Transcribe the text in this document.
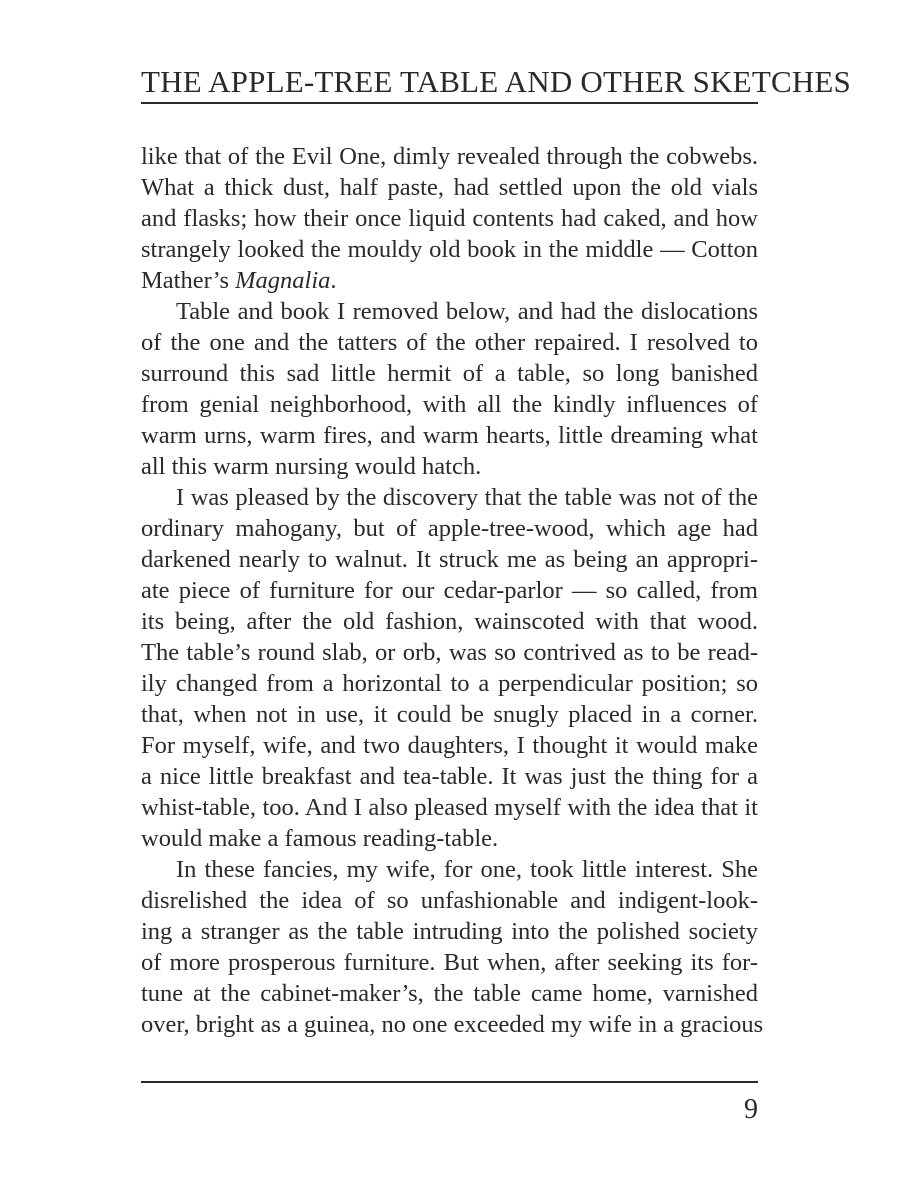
THE APPLE-TREE TABLE AND OTHER SKETCHES
like that of the Evil One, dimly revealed through the cobwebs.
What a thick dust, half paste, had settled upon the old vials
and flasks; how their once liquid contents had caked, and how
strangely looked the mouldy old book in the middle — Cotton
Mather’s Magnalia.
Table and book I removed below, and had the dislocations
of the one and the tatters of the other repaired. I resolved to
surround this sad little hermit of a table, so long banished
from genial neighborhood, with all the kindly influences of
warm urns, warm fires, and warm hearts, little dreaming what
all this warm nursing would hatch.
I was pleased by the discovery that the table was not of the
ordinary mahogany, but of apple-tree-wood, which age had
darkened nearly to walnut. It struck me as being an appropri-
ate piece of furniture for our cedar-parlor — so called, from
its being, after the old fashion, wainscoted with that wood.
The table’s round slab, or orb, was so contrived as to be read-
ily changed from a horizontal to a perpendicular position; so
that, when not in use, it could be snugly placed in a corner.
For myself, wife, and two daughters, I thought it would make
a nice little breakfast and tea-table. It was just the thing for a
whist-table, too. And I also pleased myself with the idea that it
would make a famous reading-table.
In these fancies, my wife, for one, took little interest. She
disrelished the idea of so unfashionable and indigent-look-
ing a stranger as the table intruding into the polished society
of more prosperous furniture. But when, after seeking its for-
tune at the cabinet-maker’s, the table came home, varnished
over, bright as a guinea, no one exceeded my wife in a gracious
9
